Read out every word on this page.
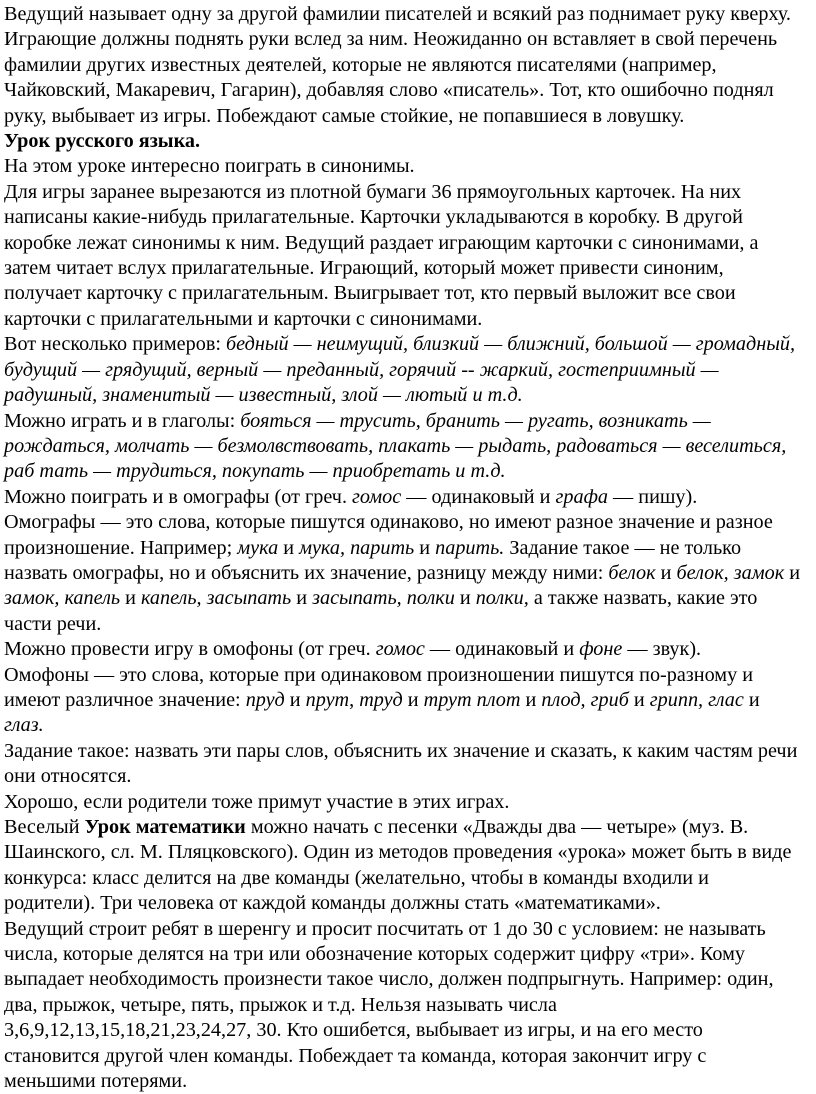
Ведущий называет одну за другой фамилии писателей и всякий раз поднимает руку кверху. Играющие должны поднять руки вслед за ним. Неожиданно он вставляет в свой перечень фамилии других известных деятелей, которые не являются писателями (например, Чайковский, Макаревич, Гагарин), добавляя слово «писатель». Тот, кто ошибочно поднял руку, выбывает из игры. Побеждают самые стойкие, не попавшиеся в ловушку.

Урок русского языка.

На этом уроке интересно поиграть в синонимы.

Для игры заранее вырезаются из плотной бумаги 36 прямоугольных карточек. На них написаны какие-нибудь прилагательные. Карточки укладываются в коробку. В другой коробке лежат синонимы к ним. Ведущий раздает играющим карточки с синонимами, а затем читает вслух прилагательные. Играющий, который может привести синоним, получает карточку с прилагательным. Выигрывает тот, кто первый выложит все свои карточки с прилагательными и карточки с синонимами.

Вот несколько примеров: бедный — неимущий, близкий — ближний, большой — громадный, будущий — грядущий, верный — преданный, горячий -- жаркий, гостеприимный — радушный, знаменитый — известный, злой — лютый и т.д.

Можно играть и в глаголы: бояться — трусить, бранить — ругать, возникать — рождаться, молчать — безмолвствовать, плакать — рыдать, радоваться — веселиться, раб тать — трудиться, покупать — приобретать и т.д.

Можно поиграть и в омографы (от греч. гомос — одинаковый и графа — пишу).

Омографы — это слова, которые пишутся одинаково, но имеют разное значение и разное произношение. Например; мука и мука, парить и парить. Задание такое — не только назвать омографы, но и объяснить их значение, разницу между ними: белок и белок, замок и замок, капель и капель, засыпать и засыпать, полки и полки, а также назвать, какие это части речи.

Можно провести игру в омофоны (от греч. гомос — одинаковый и фоне — звук).

Омофоны — это слова, которые при одинаковом произношении пишутся по-разному и имеют различное значение: пруд и прут, труд и трут плот и плод, гриб и грипп, глас и глаз.

Задание такое: назвать эти пары слов, объяснить их значение и сказать, к каким частям речи они относятся.

Хорошо, если родители тоже примут участие в этих играх.

Веселый Урок математики можно начать с песенки «Дважды два — четыре» (муз. В. Шаинского, сл. М. Пляцковского). Один из методов проведения «урока» может быть в виде конкурса: класс делится на две команды (желательно, чтобы в команды входили и родители). Три человека от каждой команды должны стать «математиками».

Ведущий строит ребят в шеренгу и просит посчитать от 1 до 30 с условием: не называть числа, которые делятся на три или обозначение которых содержит цифру «три». Кому выпадает необходимость произнести такое число, должен подпрыгнуть. Например: один, два, прыжок, четыре, пять, прыжок и т.д. Нельзя называть числа 3,6,9,12,13,15,18,21,23,24,27, 30. Кто ошибется, выбывает из игры, и на его место становится другой член команды. Побеждает та команда, которая закончит игру с меньшими потерями.
